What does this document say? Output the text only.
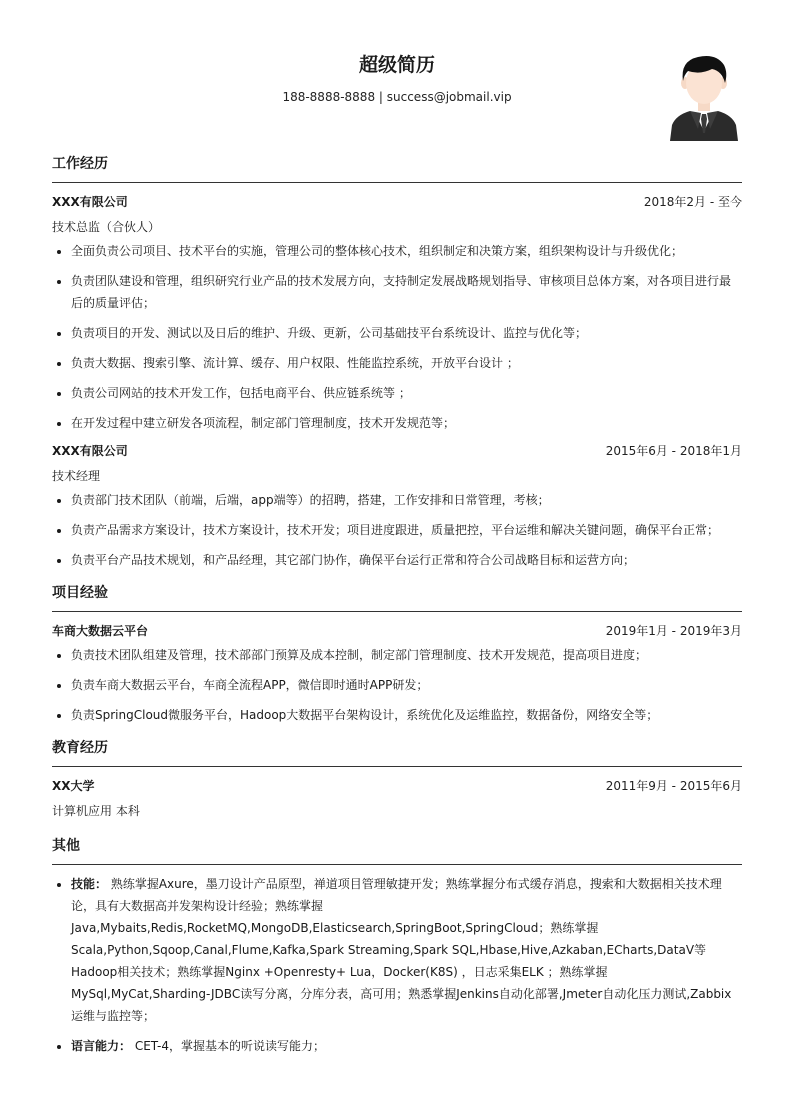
超级简历
188-8888-8888 | success@jobmail.vip
工作经历
XXX有限公司	2018年2月 - 至今
技术总监（合伙人）
• 全面负责公司项目、技术平台的实施，管理公司的整体核心技术，组织制定和决策方案，组织架构设计与升级优化；
• 负责团队建设和管理，组织研究行业产品的技术发展方向，支持制定发展战略规划指导、审核项目总体方案，对各项目进行最后的质量评估；
• 负责项目的开发、测试以及日后的维护、升级、更新，公司基础技平台系统设计、监控与优化等；
• 负责大数据、搜索引擎、流计算、缓存、用户权限、性能监控系统，开放平台设计 ；
• 负责公司网站的技术开发工作，包括电商平台、供应链系统等 ；
• 在开发过程中建立研发各项流程，制定部门管理制度，技术开发规范等；
XXX有限公司	2015年6月 - 2018年1月
技术经理
• 负责部门技术团队（前端，后端，app端等）的招聘，搭建，工作安排和日常管理，考核；
• 负责产品需求方案设计，技术方案设计，技术开发；项目进度跟进，质量把控，平台运维和解决关键问题，确保平台正常；
• 负责平台产品技术规划，和产品经理，其它部门协作，确保平台运行正常和符合公司战略目标和运营方向；
项目经验
车商大数据云平台	2019年1月 - 2019年3月
• 负责技术团队组建及管理，技术部部门预算及成本控制，制定部门管理制度、技术开发规范，提高项目进度；
• 负责车商大数据云平台，车商全流程APP，微信即时通时APP研发；
• 负责SpringCloud微服务平台，Hadoop大数据平台架构设计，系统优化及运维监控，数据备份，网络安全等；
教育经历
XX大学	2011年9月 - 2015年6月
计算机应用 本科
其他
• 技能： 熟练掌握Axure，墨刀设计产品原型，禅道项目管理敏捷开发；熟练掌握分布式缓存消息，搜索和大数据相关技术理论，具有大数据高并发架构设计经验；熟练掌握Java,Mybaits,Redis,RocketMQ,MongoDB,Elasticsearch,SpringBoot,SpringCloud；熟练掌握Scala,Python,Sqoop,Canal,Flume,Kafka,Spark Streaming,Spark SQL,Hbase,Hive,Azkaban,ECharts,DataV等Hadoop相关技术；熟练掌握Nginx +Openresty+ Lua，Docker(K8S) ，日志采集ELK ；熟练掌握MySql,MyCat,Sharding-JDBC读写分离，分库分表，高可用；熟悉掌握Jenkins自动化部署,Jmeter自动化压力测试,Zabbix运维与监控等；
• 语言能力： CET-4，掌握基本的听说读写能力；
